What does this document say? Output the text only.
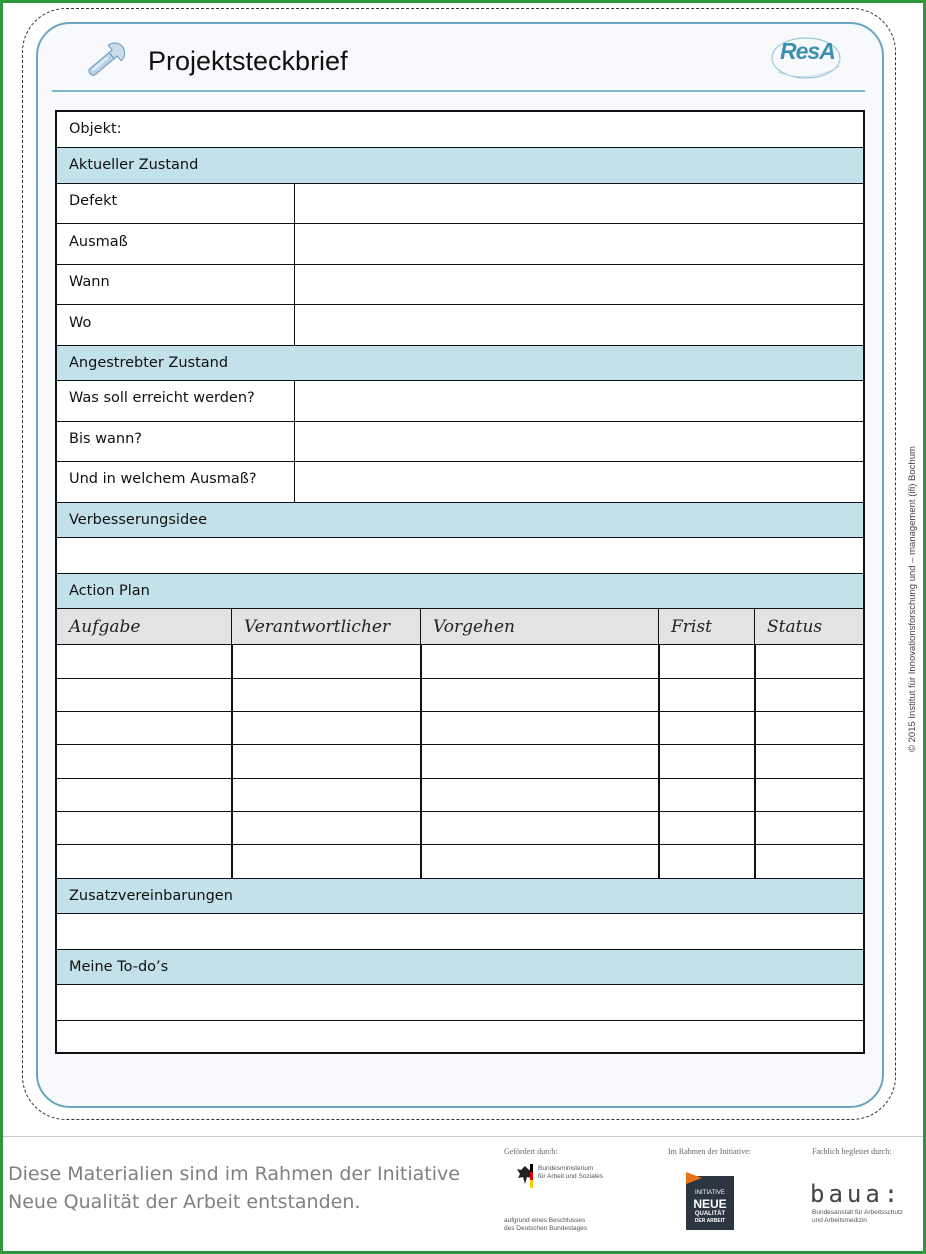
Projektsteckbrief	ResA
© 2015 Institut für Innovationsforschung und – management (ifi) Bochum
Objekt:
Aktueller Zustand
Defekt
Ausmaß
Wann
Wo
Angestrebter Zustand
Was soll erreicht werden?
Bis wann?
Und in welchem Ausmaß?
Verbesserungsidee
Action Plan
Aufgabe	Verantwortlicher	Vorgehen	Frist	Status
Zusatzvereinbarungen
Meine To-do’s
Diese Materialien sind im Rahmen der Initiative
Neue Qualität der Arbeit entstanden.
Gefördert durch:
Bundesministerium
für Arbeit und Soziales
aufgrund eines Beschlusses
des Deutschen Bundestages
Im Rahmen der Initiative:
INITIATIVE
NEUE
QUALITÄT
DER ARBEIT
Fachlich begleitet durch:
baua:
Bundesanstalt für Arbeitsschutz
und Arbeitsmedizin
